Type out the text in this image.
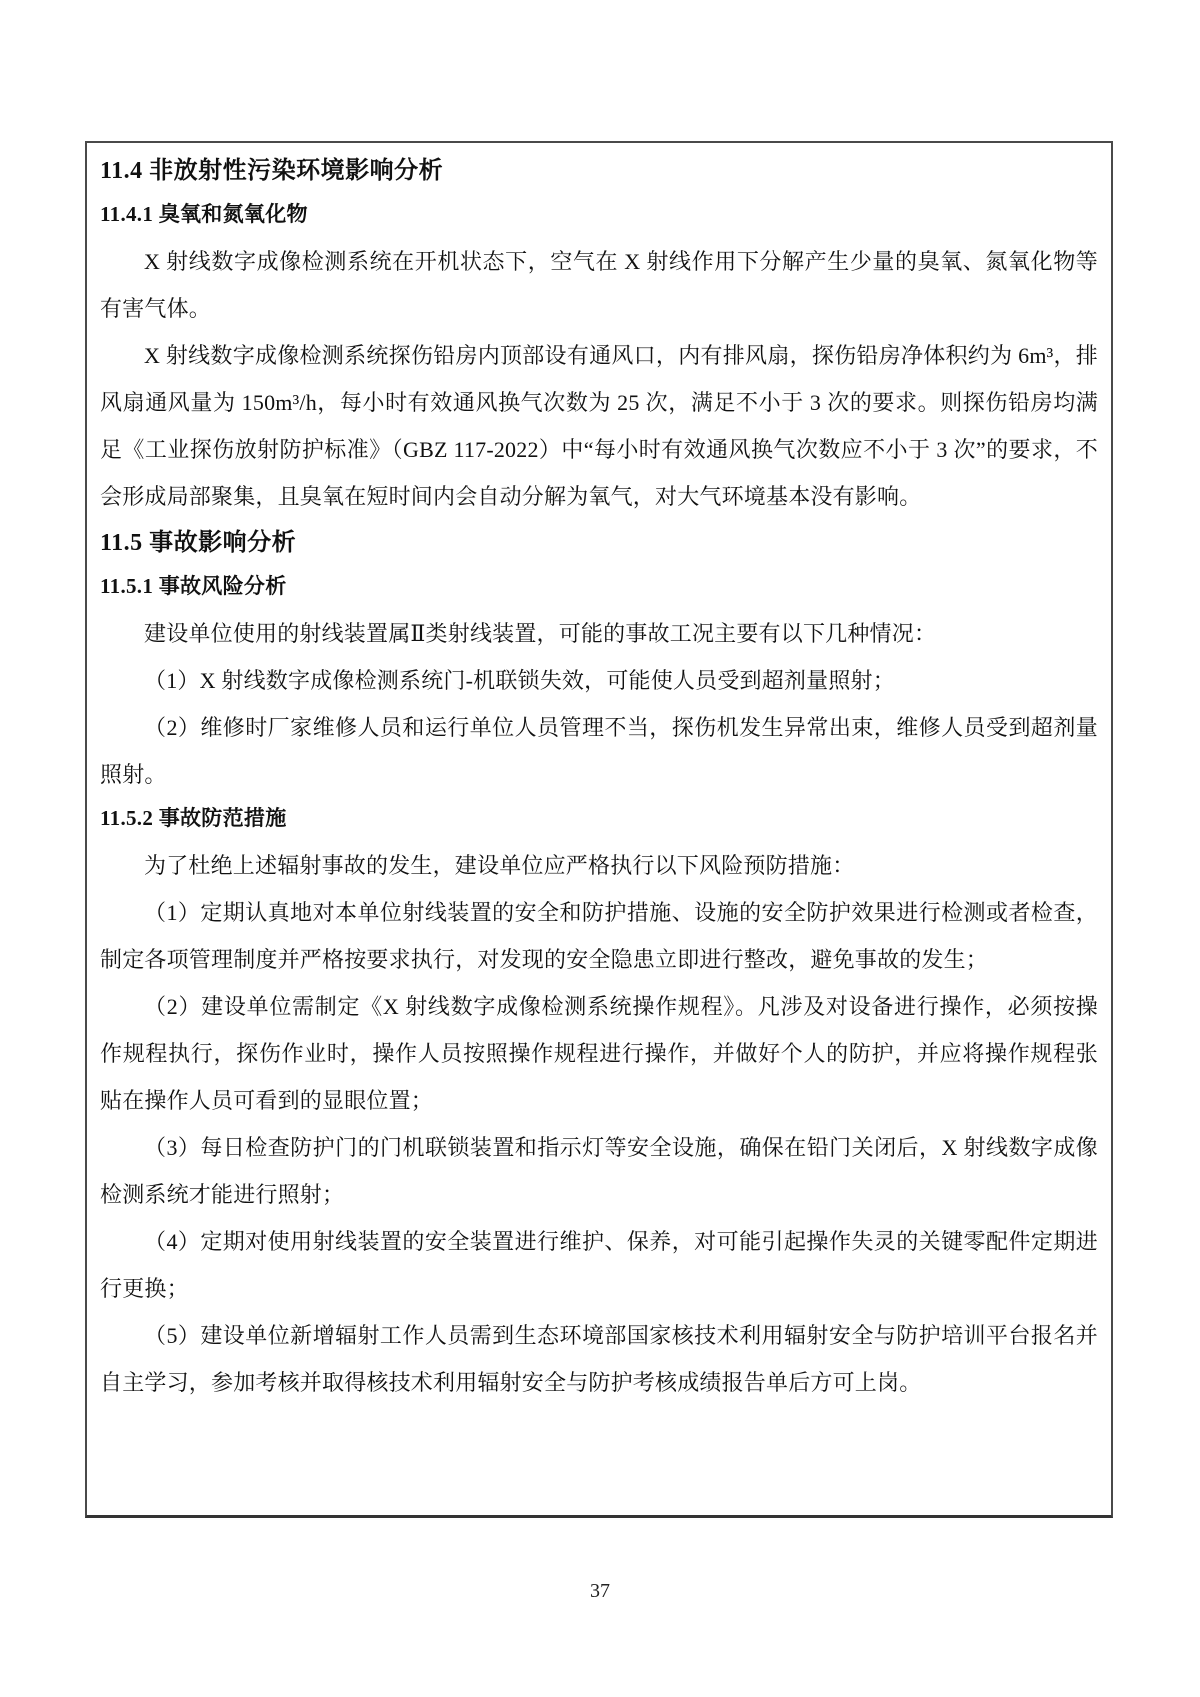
11.4 非放射性污染环境影响分析
11.4.1 臭氧和氮氧化物

X 射线数字成像检测系统在开机状态下，空气在 X 射线作用下分解产生少量的臭氧、氮氧化物等有害气体。

X 射线数字成像检测系统探伤铅房内顶部设有通风口，内有排风扇，探伤铅房净体积约为 6m³，排风扇通风量为 150m³/h，每小时有效通风换气次数为 25 次，满足不小于 3 次的要求。则探伤铅房均满足《工业探伤放射防护标准》（GBZ 117-2022）中“每小时有效通风换气次数应不小于 3 次”的要求，不会形成局部聚集，且臭氧在短时间内会自动分解为氧气，对大气环境基本没有影响。

11.5 事故影响分析
11.5.1 事故风险分析

建设单位使用的射线装置属Ⅱ类射线装置，可能的事故工况主要有以下几种情况：

（1）X 射线数字成像检测系统门-机联锁失效，可能使人员受到超剂量照射；

（2）维修时厂家维修人员和运行单位人员管理不当，探伤机发生异常出束，维修人员受到超剂量照射。

11.5.2 事故防范措施

为了杜绝上述辐射事故的发生，建设单位应严格执行以下风险预防措施：

（1）定期认真地对本单位射线装置的安全和防护措施、设施的安全防护效果进行检测或者检查，制定各项管理制度并严格按要求执行，对发现的安全隐患立即进行整改，避免事故的发生；

（2）建设单位需制定《X 射线数字成像检测系统操作规程》。凡涉及对设备进行操作，必须按操作规程执行，探伤作业时，操作人员按照操作规程进行操作，并做好个人的防护，并应将操作规程张贴在操作人员可看到的显眼位置；

（3）每日检查防护门的门机联锁装置和指示灯等安全设施，确保在铅门关闭后，X 射线数字成像检测系统才能进行照射；

（4）定期对使用射线装置的安全装置进行维护、保养，对可能引起操作失灵的关键零配件定期进行更换；

（5）建设单位新增辐射工作人员需到生态环境部国家核技术利用辐射安全与防护培训平台报名并自主学习，参加考核并取得核技术利用辐射安全与防护考核成绩报告单后方可上岗。

37
